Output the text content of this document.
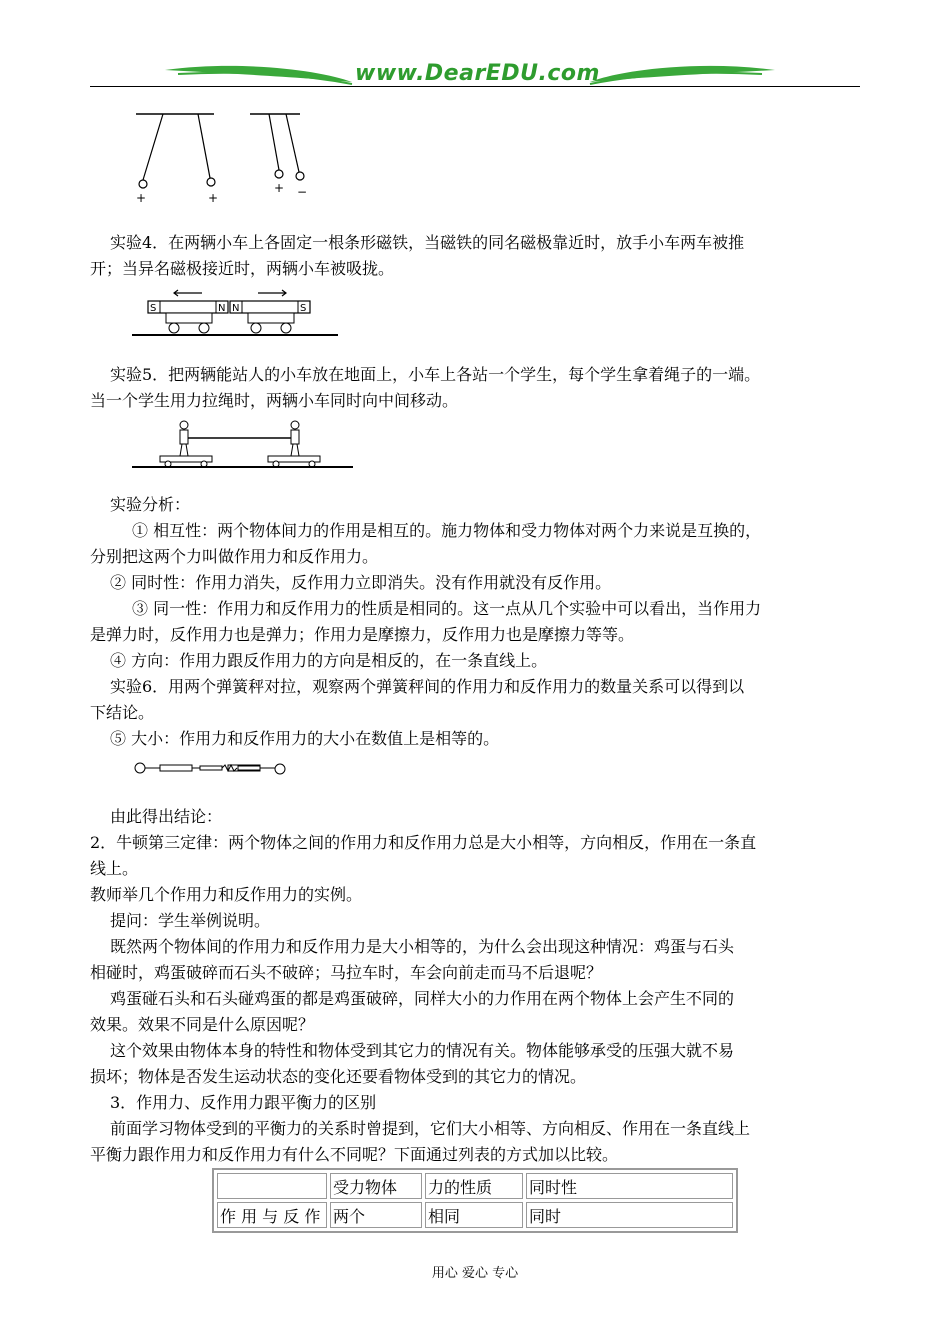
www.DearEDU.com
+	+
+ −
实验4．在两辆小车上各固定一根条形磁铁，当磁铁的同名磁极靠近时，放手小车两车被推
开；当异名磁极接近时，两辆小车被吸拢。
S	N N	S
实验5．把两辆能站人的小车放在地面上，小车上各站一个学生，每个学生拿着绳子的一端。
当一个学生用力拉绳时，两辆小车同时向中间移动。
实验分析：
① 相互性：两个物体间力的作用是相互的。施力物体和受力物体对两个力来说是互换的，
分别把这两个力叫做作用力和反作用力。
② 同时性：作用力消失，反作用力立即消失。没有作用就没有反作用。
③ 同一性：作用力和反作用力的性质是相同的。这一点从几个实验中可以看出，当作用力
是弹力时，反作用力也是弹力；作用力是摩擦力，反作用力也是摩擦力等等。
④ 方向：作用力跟反作用力的方向是相反的，在一条直线上。
实验6．用两个弹簧秤对拉，观察两个弹簧秤间的作用力和反作用力的数量关系可以得到以
下结论。
⑤ 大小：作用力和反作用力的大小在数值上是相等的。
由此得出结论：
2．牛顿第三定律：两个物体之间的作用力和反作用力总是大小相等，方向相反，作用在一条直
线上。
教师举几个作用力和反作用力的实例。
提问：学生举例说明。
既然两个物体间的作用力和反作用力是大小相等的，为什么会出现这种情况：鸡蛋与石头
相碰时，鸡蛋破碎而石头不破碎；马拉车时，车会向前走而马不后退呢？
鸡蛋碰石头和石头碰鸡蛋的都是鸡蛋破碎，同样大小的力作用在两个物体上会产生不同的
效果。效果不同是什么原因呢？
这个效果由物体本身的特性和物体受到其它力的情况有关。物体能够承受的压强大就不易
损坏；物体是否发生运动状态的变化还要看物体受到的其它力的情况。
3．作用力、反作用力跟平衡力的区别
前面学习物体受到的平衡力的关系时曾提到，它们大小相等、方向相反、作用在一条直线上
平衡力跟作用力和反作用力有什么不同呢？下面通过列表的方式加以比较。
	受力物体	力的性质	同时性
作 用 与 反 作	两个	相同	同时
用心 爱心 专心
